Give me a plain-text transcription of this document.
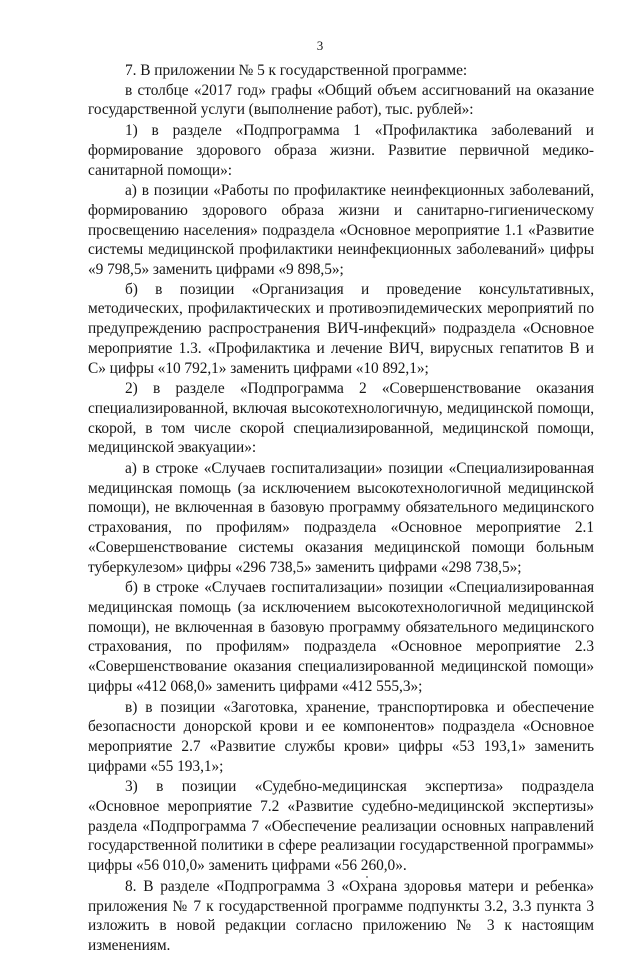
3

7. В приложении № 5 к государственной программе:

в столбце «2017 год» графы «Общий объем ассигнований на оказание государственной услуги (выполнение работ), тыс. рублей»:

1) в разделе «Подпрограмма 1 «Профилактика заболеваний и формирование здорового образа жизни. Развитие первичной медико-санитарной помощи»:

а) в позиции «Работы по профилактике неинфекционных заболеваний, формированию здорового образа жизни и санитарно-гигиеническому просвещению населения» подраздела «Основное мероприятие 1.1 «Развитие системы медицинской профилактики неинфекционных заболеваний» цифры «9 798,5» заменить цифрами «9 898,5»;

б) в позиции «Организация и проведение консультативных, методических, профилактических и противоэпидемических мероприятий по предупреждению распространения ВИЧ-инфекций» подраздела «Основное мероприятие 1.3. «Профилактика и лечение ВИЧ, вирусных гепатитов В и С» цифры «10 792,1» заменить цифрами «10 892,1»;

2) в разделе «Подпрограмма 2 «Совершенствование оказания специализированной, включая высокотехнологичную, медицинской помощи, скорой, в том числе скорой специализированной, медицинской помощи, медицинской эвакуации»:

а) в строке «Случаев госпитализации» позиции «Специализированная медицинская помощь (за исключением высокотехнологичной медицинской помощи), не включенная в базовую программу обязательного медицинского страхования, по профилям» подраздела «Основное мероприятие 2.1 «Совершенствование системы оказания медицинской помощи больным туберкулезом» цифры «296 738,5» заменить цифрами «298 738,5»;

б) в строке «Случаев госпитализации» позиции «Специализированная медицинская помощь (за исключением высокотехнологичной медицинской помощи), не включенная в базовую программу обязательного медицинского страхования, по профилям» подраздела «Основное мероприятие 2.3 «Совершенствование оказания специализированной медицинской помощи» цифры «412 068,0» заменить цифрами «412 555,3»;

в) в позиции «Заготовка, хранение, транспортировка и обеспечение безопасности донорской крови и ее компонентов» подраздела «Основное мероприятие 2.7 «Развитие службы крови» цифры «53 193,1» заменить цифрами «55 193,1»;

3) в позиции «Судебно-медицинская экспертиза» подраздела «Основное мероприятие 7.2 «Развитие судебно-медицинской экспертизы» раздела «Подпрограмма 7 «Обеспечение реализации основных направлений государственной политики в сфере реализации государственной программы» цифры «56 010,0» заменить цифрами «56 260,0».

8. В разделе «Подпрограмма 3 «Охрана здоровья матери и ребенка» приложения № 7 к государственной программе подпункты 3.2, 3.3 пункта 3 изложить в новой редакции согласно приложению № 3 к настоящим изменениям.
